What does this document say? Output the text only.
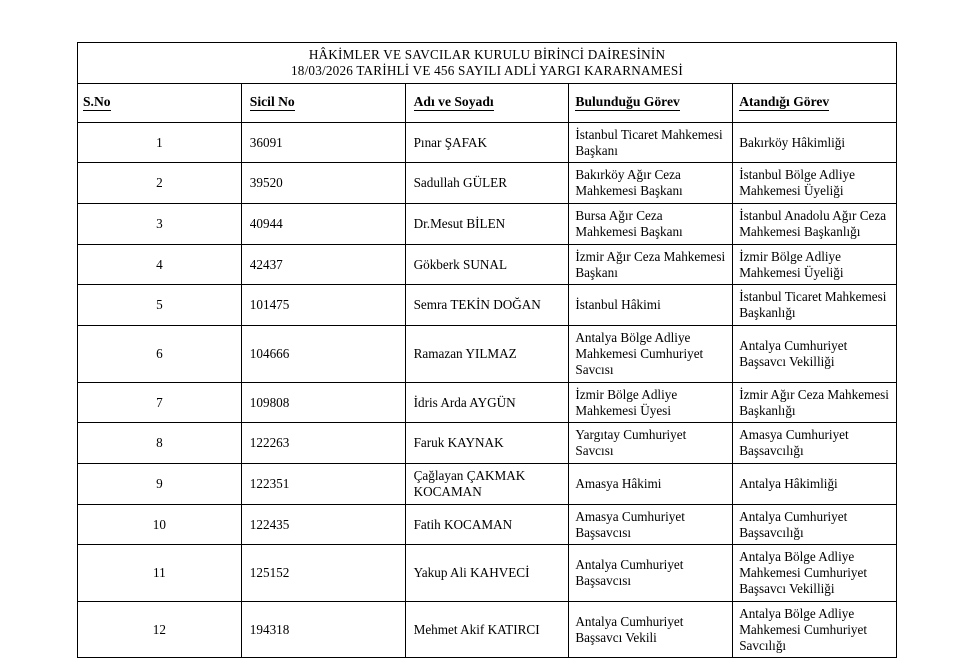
HÂKİMLER VE SAVCILAR KURULU BİRİNCİ DAİRESİNİN
18/03/2026 TARİHLİ VE 456 SAYILI ADLİ YARGI KARARNAMESİ				

S.No	Sicil No	Adı ve Soyadı	Bulunduğu Görev	Atandığı Görev
1	36091	Pınar ŞAFAK	İstanbul Ticaret Mahkemesi Başkanı	Bakırköy Hâkimliği
2	39520	Sadullah GÜLER	Bakırköy Ağır Ceza Mahkemesi Başkanı	İstanbul Bölge Adliye Mahkemesi Üyeliği
3	40944	Dr.Mesut BİLEN	Bursa Ağır Ceza Mahkemesi Başkanı	İstanbul Anadolu Ağır Ceza Mahkemesi Başkanlığı
4	42437	Gökberk SUNAL	İzmir Ağır Ceza Mahkemesi Başkanı	İzmir Bölge Adliye Mahkemesi Üyeliği
5	101475	Semra TEKİN DOĞAN	İstanbul Hâkimi	İstanbul Ticaret Mahkemesi Başkanlığı
6	104666	Ramazan YILMAZ	Antalya Bölge Adliye Mahkemesi Cumhuriyet Savcısı	Antalya Cumhuriyet Başsavcı Vekilliği
7	109808	İdris Arda AYGÜN	İzmir Bölge Adliye Mahkemesi Üyesi	İzmir Ağır Ceza Mahkemesi Başkanlığı
8	122263	Faruk KAYNAK	Yargıtay Cumhuriyet Savcısı	Amasya Cumhuriyet Başsavcılığı
9	122351	Çağlayan ÇAKMAK KOCAMAN	Amasya Hâkimi	Antalya Hâkimliği
10	122435	Fatih KOCAMAN	Amasya Cumhuriyet Başsavcısı	Antalya Cumhuriyet Başsavcılığı
11	125152	Yakup Ali KAHVECİ	Antalya Cumhuriyet Başsavcısı	Antalya Bölge Adliye Mahkemesi Cumhuriyet Başsavcı Vekilliği
12	194318	Mehmet Akif KATIRCI	Antalya Cumhuriyet Başsavcı Vekili	Antalya Bölge Adliye Mahkemesi Cumhuriyet Savcılığı
